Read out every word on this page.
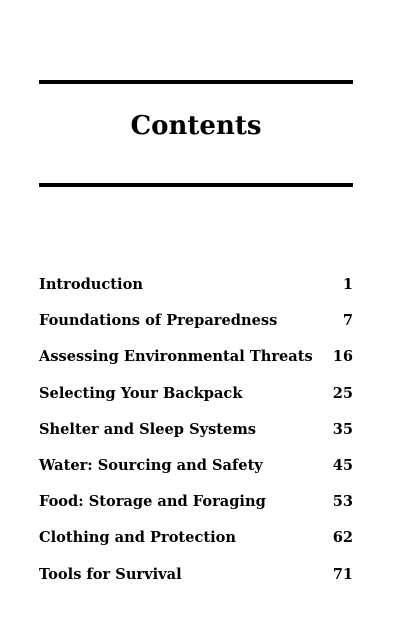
Contents
Introduction	1
Foundations of Preparedness	7
Assessing Environmental Threats 16
Selecting Your Backpack	25
Shelter and Sleep Systems	35
Water: Sourcing and Safety	45
Food: Storage and Foraging	53
Clothing and Protection	62
Tools for Survival	71
